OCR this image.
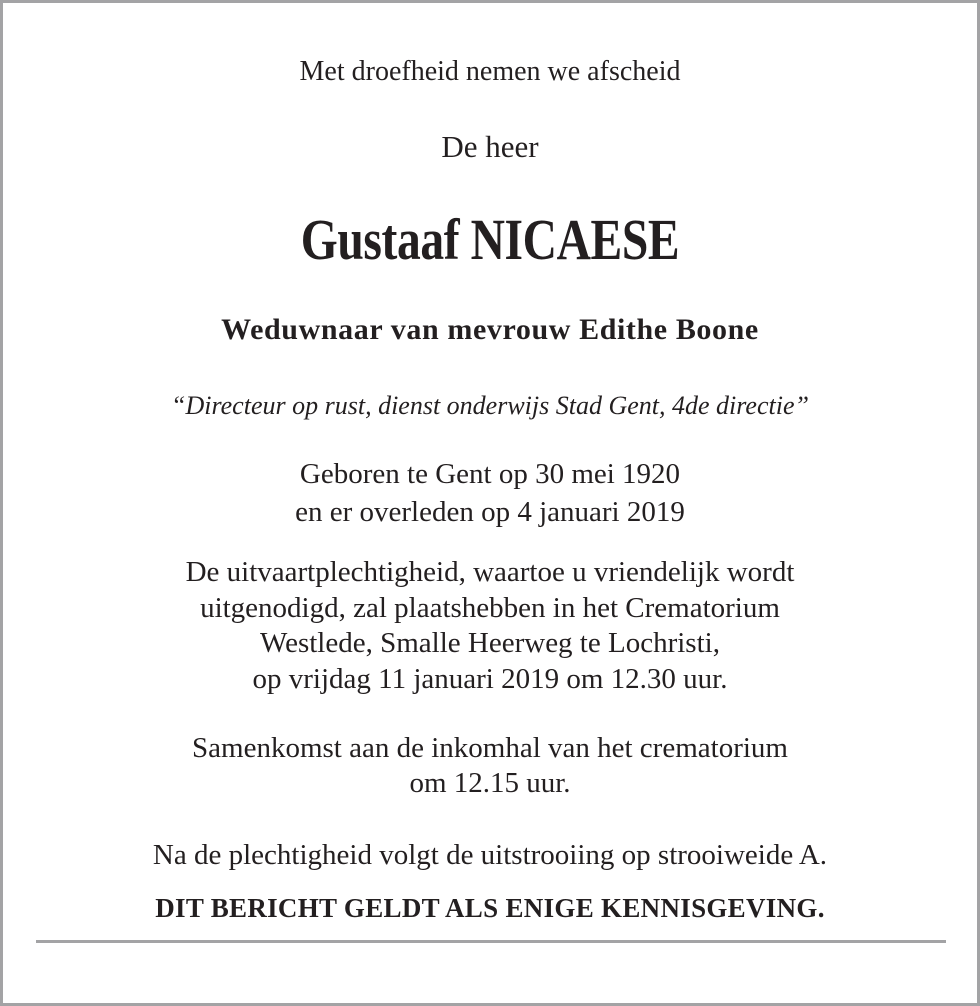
Met droefheid nemen we afscheid
De heer
Gustaaf NICAESE
Weduwnaar van mevrouw Edithe Boone
“Directeur op rust, dienst onderwijs Stad Gent, 4de directie”
Geboren te Gent op 30 mei 1920
en er overleden op 4 januari 2019
De uitvaartplechtigheid, waartoe u vriendelijk wordt
uitgenodigd, zal plaatshebben in het Crematorium
Westlede, Smalle Heerweg te Lochristi,
op vrijdag 11 januari 2019 om 12.30 uur.
Samenkomst aan de inkomhal van het crematorium
om 12.15 uur.
Na de plechtigheid volgt de uitstrooiing op strooiweide A.
DIT BERICHT GELDT ALS ENIGE KENNISGEVING.
